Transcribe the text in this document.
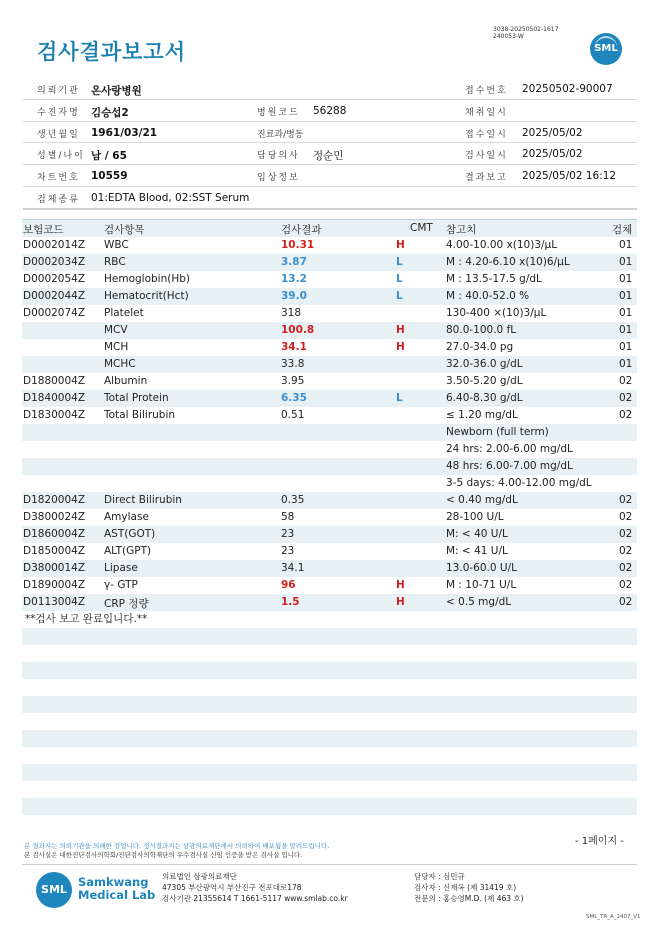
검사결과보고서
3038-20250502-1617
240053-W
SML
의뢰기관 온사랑병원	접수번호 20250502-90007
수진자명 김승섭2	병원코드 56288	채취일시
생년월일 1961/03/21	진료과/병동	접수일시 2025/05/02
성별/나이 남 / 65	담당의사 정순민	검사일시 2025/05/02
차트번호 10559	임상정보	결과보고 2025/05/02 16:12
검체종류 01:EDTA Blood, 02:SST Serum
보험코드	검사항목	검사결과	CMT 참고치	검체
D0002014Z WBC	10.31	H	4.00-10.00 x(10)3/μL	01
D0002034Z RBC	3.87	L	M : 4.20-6.10 x(10)6/μL	01
D0002054Z Hemoglobin(Hb)	13.2	L	M : 13.5-17.5 g/dL	01
D0002044Z Hematocrit(Hct)	39.0	L	M : 40.0-52.0 %	01
D0002074Z Platelet	318	130-400 ×(10)3/μL	01
MCV	100.8	H	80.0-100.0 fL	01
MCH	34.1	H	27.0-34.0 pg	01
MCHC	33.8	32.0-36.0 g/dL	01
D1880004Z Albumin	3.95	3.50-5.20 g/dL	02
D1840004Z Total Protein	6.35	L	6.40-8.30 g/dL	02
D1830004Z Total Bilirubin	0.51	≤ 1.20 mg/dL	02
Newborn (full term)
24 hrs: 2.00-6.00 mg/dL
48 hrs: 6.00-7.00 mg/dL
3-5 days: 4.00-12.00 mg/dL
D1820004Z Direct Bilirubin	0.35	< 0.40 mg/dL	02
D3800024Z Amylase	58	28-100 U/L	02
D1860004Z AST(GOT)	23	M: < 40 U/L	02
D1850004Z ALT(GPT)	23	M: < 41 U/L	02
D3800014Z Lipase	34.1	13.0-60.0 U/L	02
D1890004Z γ- GTP	96	H	M : 10-71 U/L	02
D0113004Z CRP 정량	1.5	H	< 0.5 mg/dL	02
**검사 보고 완료입니다.**
- 1페이지 -
본 결과지는 의뢰기관을 의해한 검업니다. 정식결과지는 삼광의료재단에서 의뢰하여 배포됨을 알려드립니다.
본 검사실은 대한진단검사의학회/진단검사의학재단의 우수검사실 신임 인증을 받은 검사실 입니다.
SML
Samkwang
Medical Lab
의료법인 삼광의료재단
47305 부산광역시 부산진구 전포대로178
검사기관 21355614 T 1661-5117 www.smlab.co.kr
담당자 : 심민규
검사자 : 신재옥 (제 31419 호)
전문의 : 홍승영M.D. (제 463 호)
SML_TR_A_2407_V1
